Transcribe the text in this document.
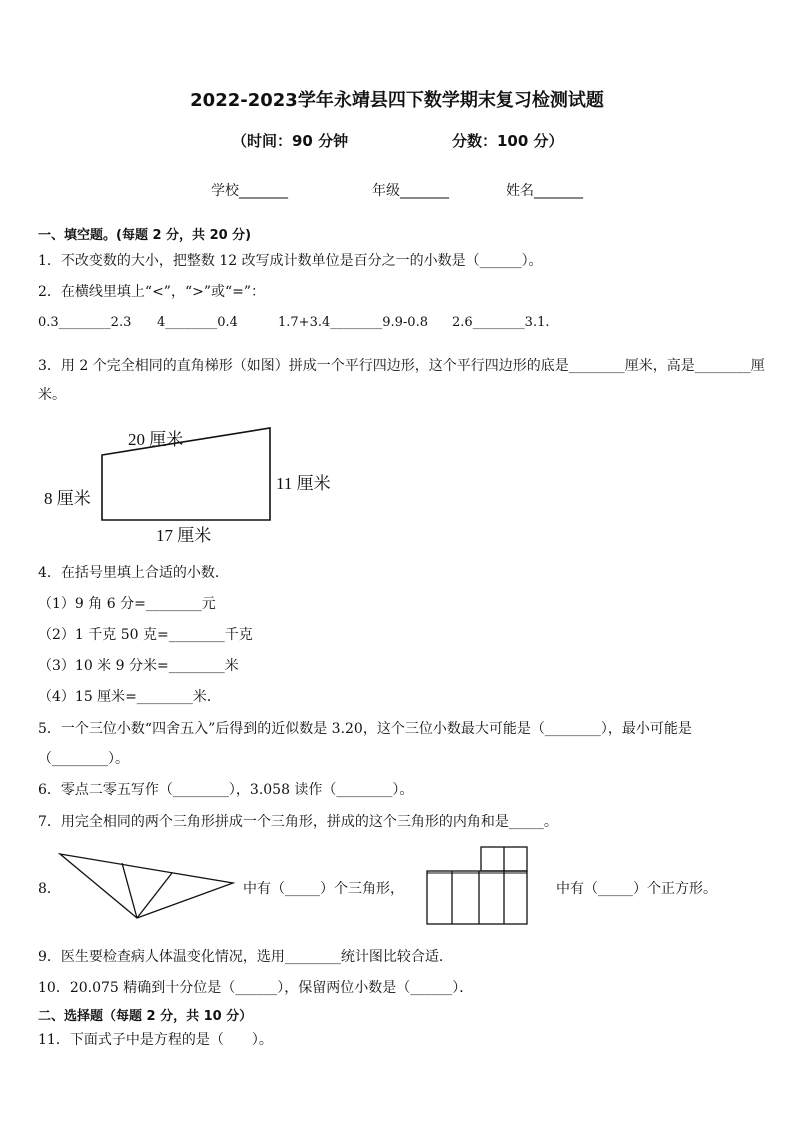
2022-2023学年永靖县四下数学期末复习检测试题
（时间：90 分钟	分数：100 分）
学校_______	年级_______	姓名_______
一、填空题。(每题 2 分，共 20 分)
1．不改变数的大小，把整数 12 改写成计数单位是百分之一的小数是（______）。
2．在横线里填上“<”，“>”或“=”：
0.3________2.3 4________0.4	1.7+3.4________9.9-0.8 2.6________3.1.
3．用 2 个完全相同的直角梯形（如图）拼成一个平行四边形，这个平行四边形的底是________厘米，高是________厘
米。
20 厘米
8 厘米
11 厘米
17 厘米
4．在括号里填上合适的小数．
（1）9 角 6 分=________元
（2）1 千克 50 克=________千克
（3）10 米 9 分米=________米
（4）15 厘米=________米．
5．一个三位小数“四舍五入”后得到的近似数是 3.20，这个三位小数最大可能是（________），最小可能是
（________）。
6．零点二零五写作（________），3.058 读作（________）。
7．用完全相同的两个三角形拼成一个三角形，拼成的这个三角形的内角和是_____。
8．	中有（_____）个三角形，	中有（_____）个正方形。
9．医生要检查病人体温变化情况，选用________统计图比较合适．
10．20.075 精确到十分位是（______），保留两位小数是（______）．
二、选择题（每题 2 分，共 10 分）
11．下面式子中是方程的是（　　）。
